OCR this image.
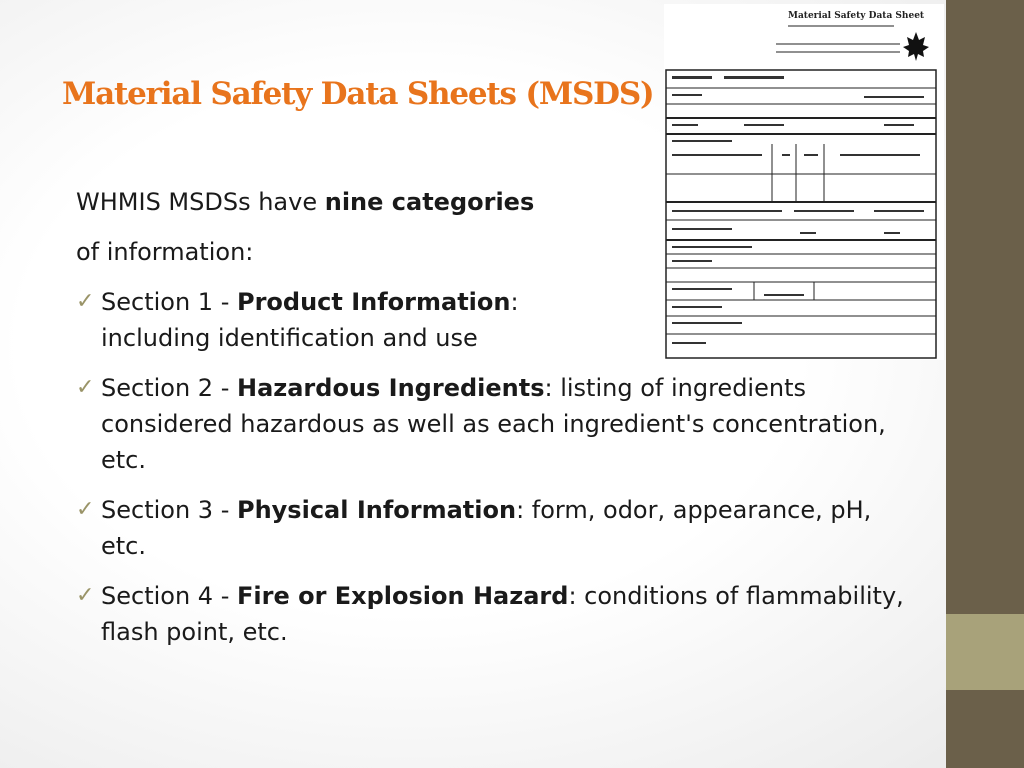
Material Safety Data Sheets (MSDS)
Material Safety Data Sheet

WHMIS MSDSs have nine categories

of information:

✓ Section 1 - Product Information:
including identification and use
✓ Section 2 - Hazardous Ingredients: listing of ingredients considered hazardous as well as each ingredient's concentration, etc.
✓ Section 3 - Physical Information: form, odor, appearance, pH, etc.
✓ Section 4 - Fire or Explosion Hazard: conditions of flammability, flash point, etc.
